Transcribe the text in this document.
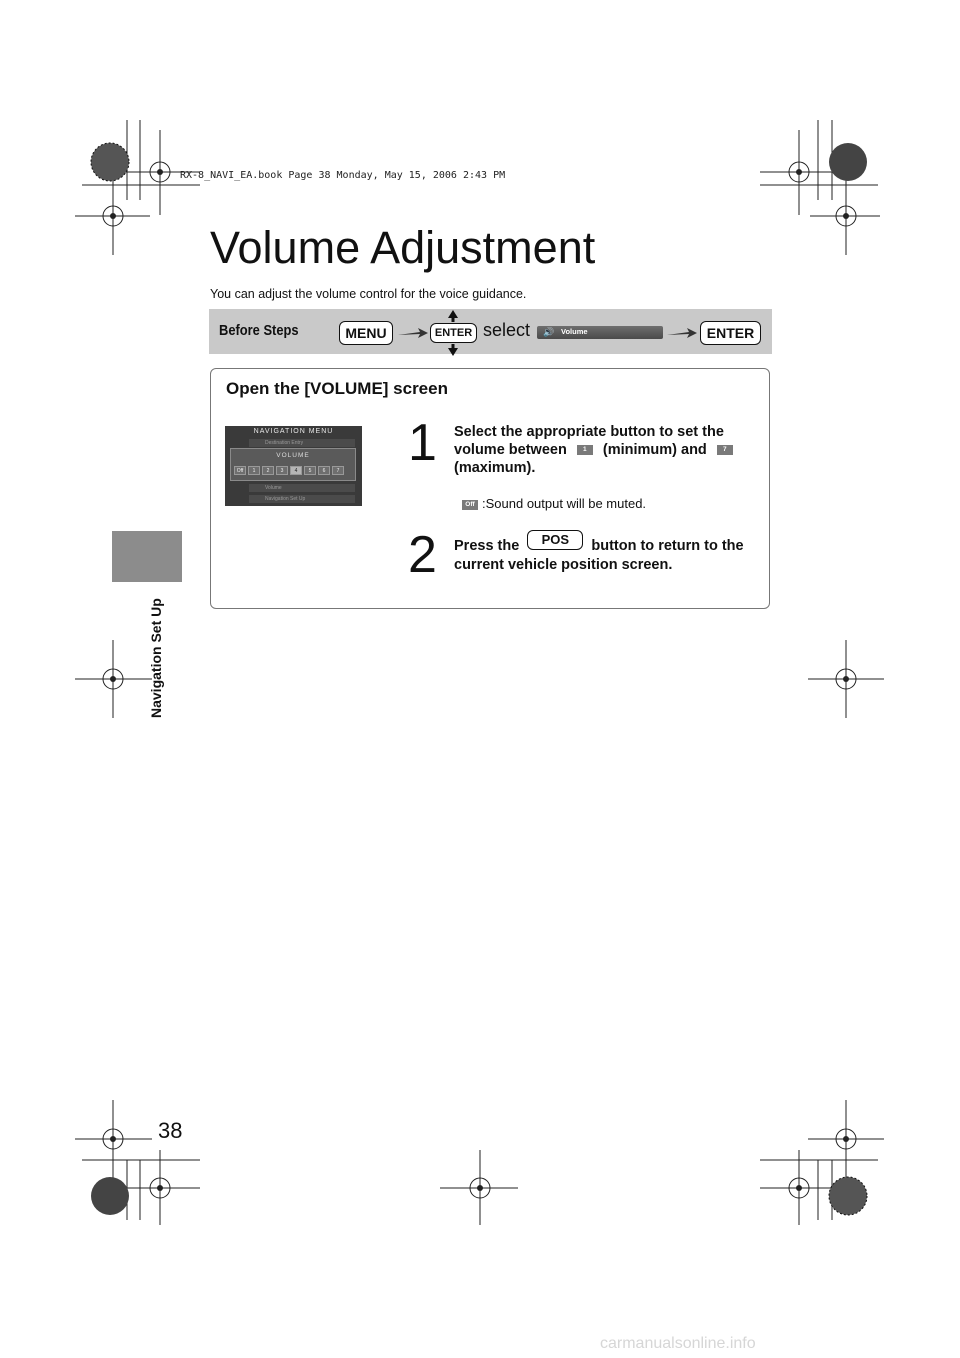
RX-8_NAVI_EA.book Page 38 Monday, May 15, 2006 2:43 PM
Navigation Set Up
Volume Adjustment
You can adjust the volume control for the voice guidance.
Before Steps	MENU	ENTER select 🔊 Volume	ENTER
Open the [VOLUME] screen
NAVIGATION MENU
Destination Entry
VOLUME
Off	1	2	3	4	5	6	7
Volume
Navigation Set Up
1 Select the appropriate button to set the
volume between 1 (minimum) and 7
(maximum).
Off :Sound output will be muted.
2 Press the POS button to return to the
current vehicle position screen.
38
carmanualsonline.info
